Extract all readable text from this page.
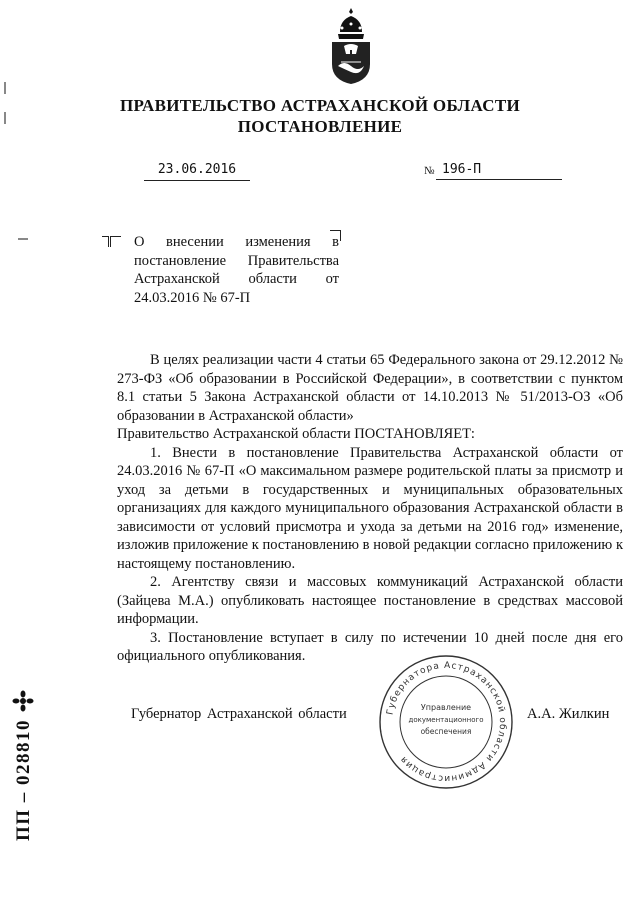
ПРАВИТЕЛЬСТВО АСТРАХАНСКОЙ ОБЛАСТИ
ПОСТАНОВЛЕНИЕ
23.06.2016	№ 196-П
О внесении изменения в постановление Правительства Астраханской области от 24.03.2016 № 67-П

В целях реализации части 4 статьи 65 Федерального закона от 29.12.2012 № 273-ФЗ «Об образовании в Российской Федерации», в соответствии с пунктом 8.1 статьи 5 Закона Астраханской области от 14.10.2013 № 51/2013-ОЗ «Об образовании в Астраханской области»

Правительство Астраханской области ПОСТАНОВЛЯЕТ:

1. Внести в постановление Правительства Астраханской области от 24.03.2016 № 67-П «О максимальном размере родительской платы за присмотр и уход за детьми в государственных и муниципальных образовательных организациях для каждого муниципального образования Астраханской области в зависимости от условий присмотра и ухода за детьми на 2016 год» изменение, изложив приложение к постановлению в новой редакции согласно приложению к настоящему постановлению.

2. Агентству связи и массовых коммуникаций Астраханской области (Зайцева М.А.) опубликовать настоящее постановление в средствах массовой информации.

3. Постановление вступает в силу по истечении 10 дней после дня его официального опубликования.

Губернатор Астраханской области	А.А. Жилкин
Губернатора Астраханской области Администрация
Управление
документационного
обеспечения
ПП – 028810
